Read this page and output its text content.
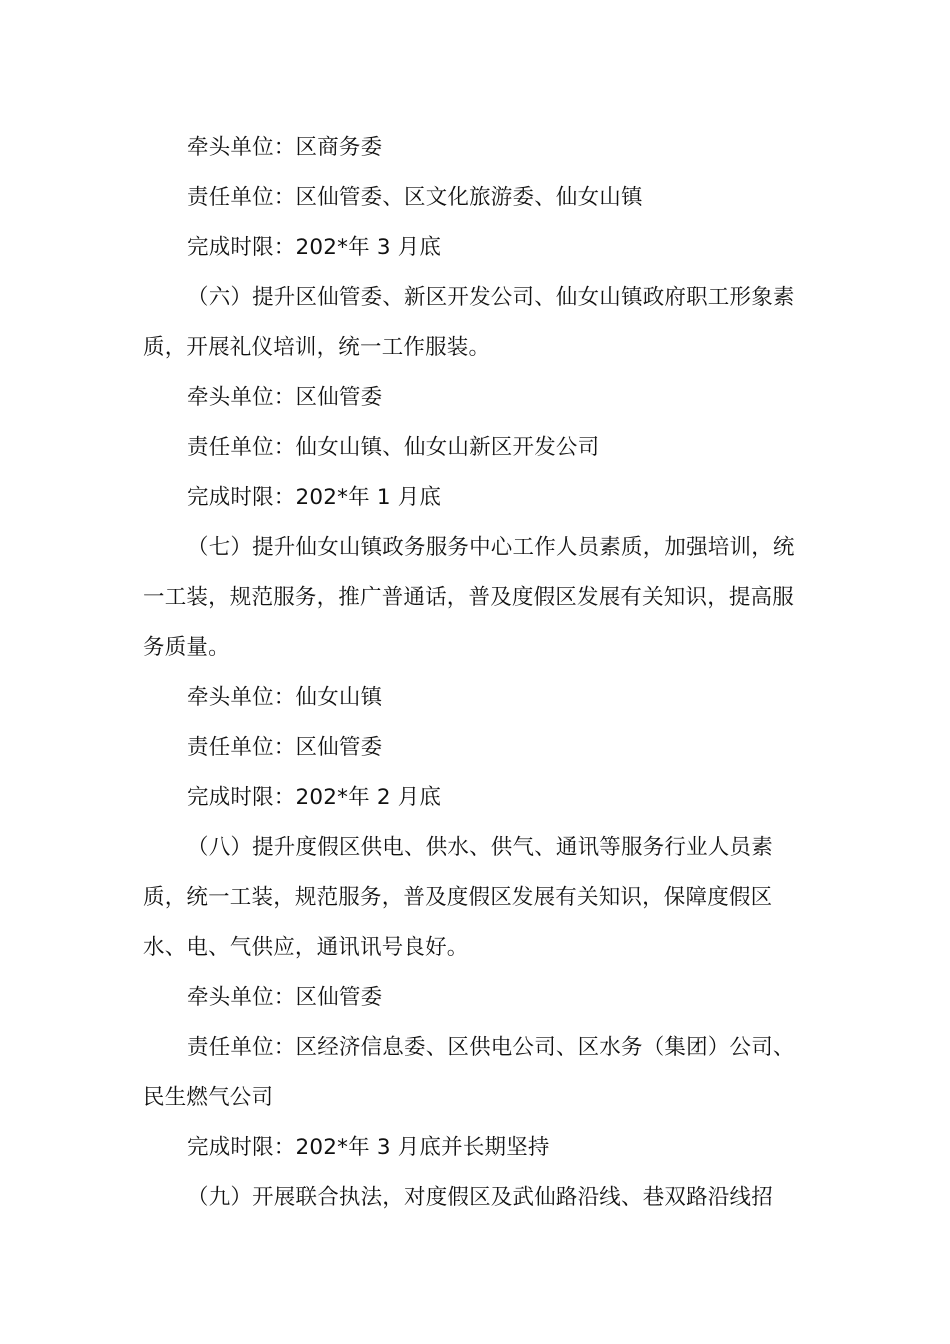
牵头单位：区商务委

责任单位：区仙管委、区文化旅游委、仙女山镇

完成时限：202*年 3 月底

（六）提升区仙管委、新区开发公司、仙女山镇政府职工形象素质，开展礼仪培训，统一工作服装。

牵头单位：区仙管委

责任单位：仙女山镇、仙女山新区开发公司

完成时限：202*年 1 月底

（七）提升仙女山镇政务服务中心工作人员素质，加强培训，统一工装，规范服务，推广普通话，普及度假区发展有关知识，提高服务质量。

牵头单位：仙女山镇

责任单位：区仙管委

完成时限：202*年 2 月底

（八）提升度假区供电、供水、供气、通讯等服务行业人员素质，统一工装，规范服务，普及度假区发展有关知识，保障度假区水、电、气供应，通讯讯号良好。

牵头单位：区仙管委

责任单位：区经济信息委、区供电公司、区水务（集团）公司、民生燃气公司

完成时限：202*年 3 月底并长期坚持

（九）开展联合执法，对度假区及武仙路沿线、巷双路沿线招
